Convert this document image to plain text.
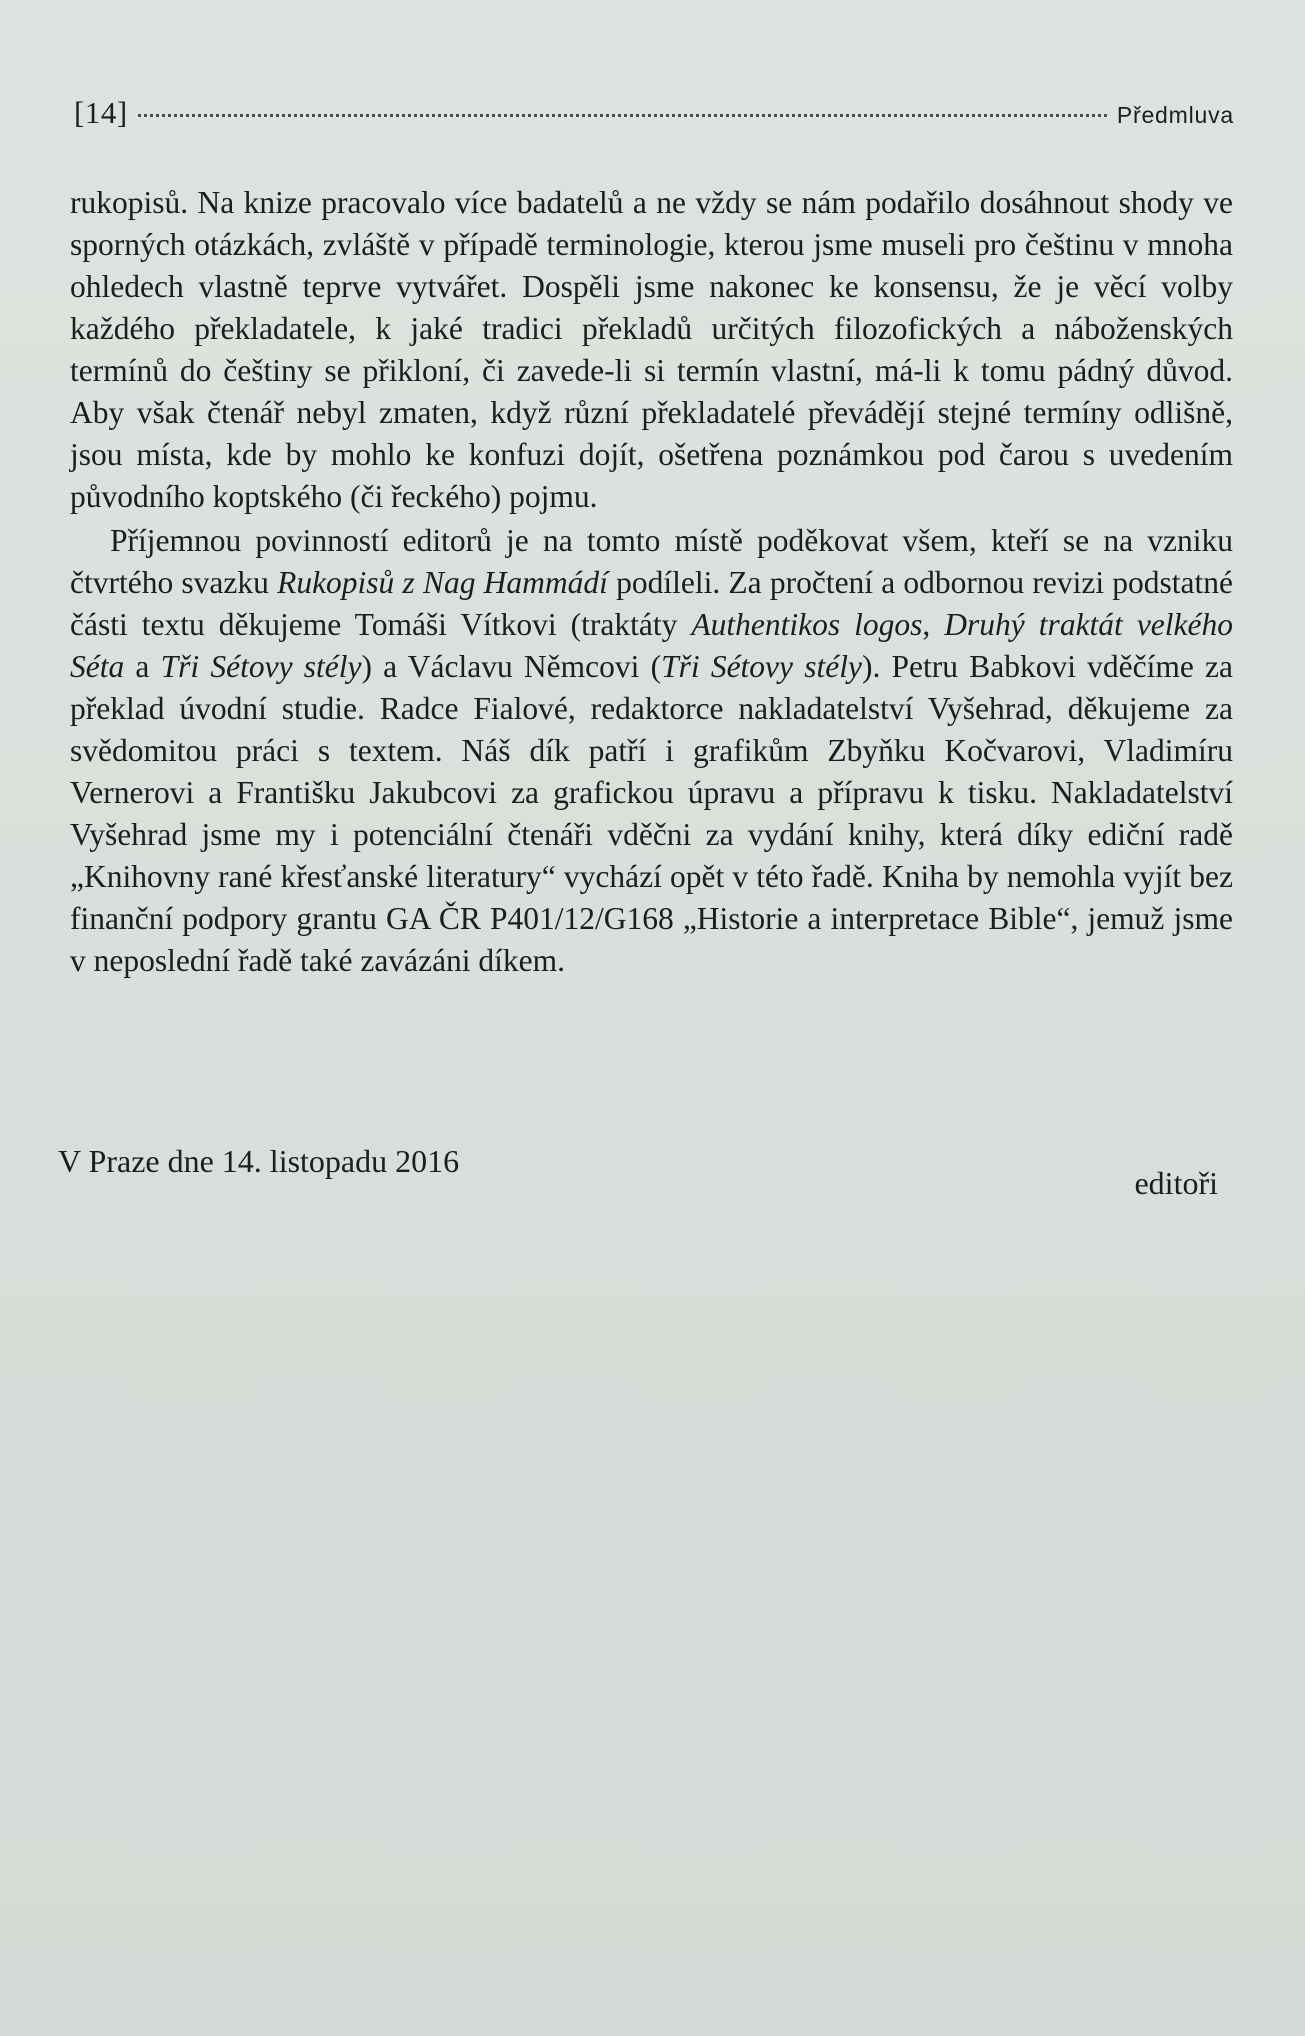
[14]	Předmluva

rukopisů. Na knize pracovalo více badatelů a ne vždy se nám podařilo dosáhnout shody ve sporných otázkách, zvláště v případě terminologie, kterou jsme museli pro češtinu v mnoha ohledech vlastně teprve vytvářet. Dospěli jsme nakonec ke konsensu, že je věcí volby každého překladatele, k jaké tradici překladů určitých filozofických a náboženských termínů do češtiny se přikloní, či zavede-li si termín vlastní, má-li k tomu pádný důvod. Aby však čtenář nebyl zmaten, když různí překladatelé převádějí stejné termíny odlišně, jsou místa, kde by mohlo ke konfuzi dojít, ošetřena poznámkou pod čarou s uvedením původního koptského (či řeckého) pojmu.

Příjemnou povinností editorů je na tomto místě poděkovat všem, kteří se na vzniku čtvrtého svazku Rukopisů z Nag Hammádí podíleli. Za pročtení a odbornou revizi podstatné části textu děkujeme Tomáši Vítkovi (traktáty Authentikos logos, Druhý traktát velkého Séta a Tři Sétovy stély) a Václavu Němcovi (Tři Sétovy stély). Petru Babkovi vděčíme za překlad úvodní studie. Radce Fialové, redaktorce nakladatelství Vyšehrad, děkujeme za svědomitou práci s textem. Náš dík patří i grafikům Zbyňku Kočvarovi, Vladimíru Vernerovi a Františku Jakubcovi za grafickou úpravu a přípravu k tisku. Nakladatelství Vyšehrad jsme my i potenciální čtenáři vděčni za vydání knihy, která díky ediční radě „Knihovny rané křesťanské literatury“ vychází opět v této řadě. Kniha by nemohla vyjít bez finanční podpory grantu GA ČR P401/12/G168 „Historie a interpretace Bible“, jemuž jsme v neposlední řadě také zavázáni díkem.

V Praze dne 14. listopadu 2016
editoři
